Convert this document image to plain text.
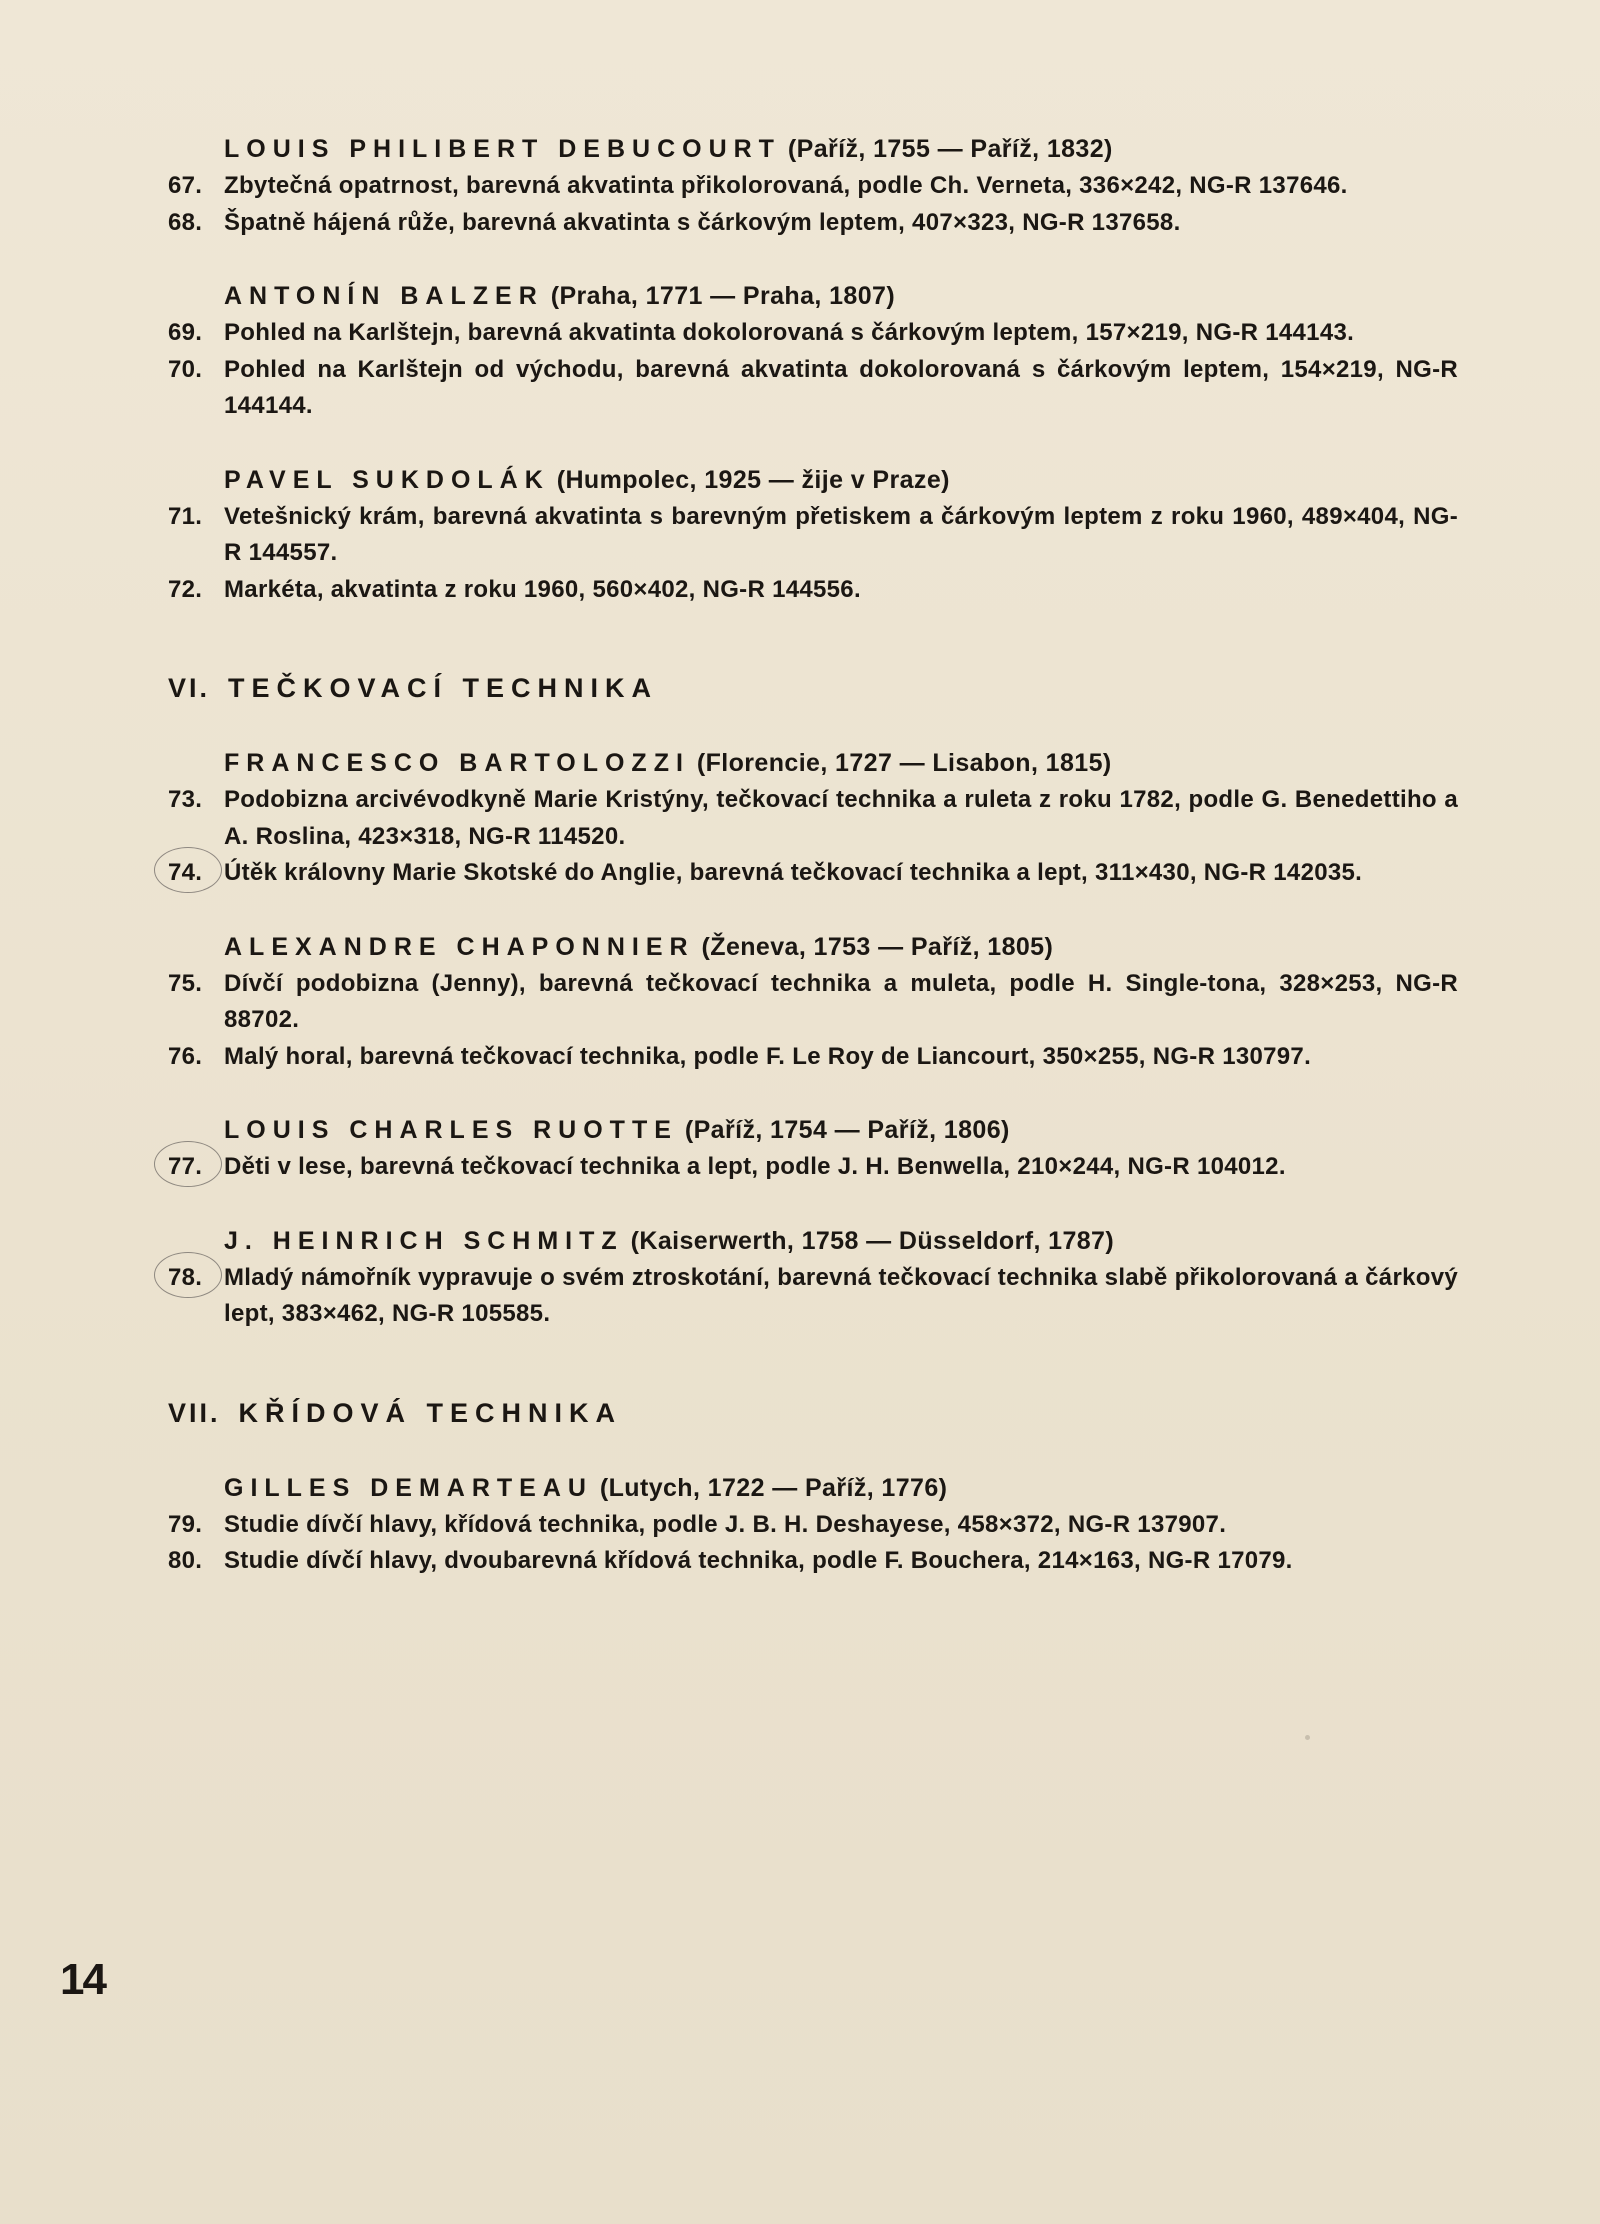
LOUIS PHILIBERT DEBUCOURT (Paříž, 1755 — Paříž, 1832)
67. Zbytečná opatrnost, barevná akvatinta přikolorovaná, podle Ch. Verneta, 336×242, NG-R 137646.
68. Špatně hájená růže, barevná akvatinta s čárkovým leptem, 407×323, NG-R 137658.
ANTONÍN BALZER (Praha, 1771 — Praha, 1807)
69. Pohled na Karlštejn, barevná akvatinta dokolorovaná s čárkovým leptem, 157×219, NG-R 144143.
70. Pohled na Karlštejn od východu, barevná akvatinta dokolorovaná s čárkovým leptem, 154×219, NG-R 144144.
PAVEL SUKDOLÁK (Humpolec, 1925 — žije v Praze)
71. Vetešnický krám, barevná akvatinta s barevným přetiskem a čárkovým leptem z roku 1960, 489×404, NG-R 144557.
72. Markéta, akvatinta z roku 1960, 560×402, NG-R 144556.
VI. TEČKOVACÍ TECHNIKA
FRANCESCO BARTOLOZZI (Florencie, 1727 — Lisabon, 1815)
73. Podobizna arcivévodkyně Marie Kristýny, tečkovací technika a ruleta z roku 1782, podle G. Benedettiho a A. Roslina, 423×318, NG-R 114520.
74. Útěk královny Marie Skotské do Anglie, barevná tečkovací technika a lept, 311×430, NG-R 142035.
ALEXANDRE CHAPONNIER (Ženeva, 1753 — Paříž, 1805)
75. Dívčí podobizna (Jenny), barevná tečkovací technika a muleta, podle H. Single-tona, 328×253, NG-R 88702.
76. Malý horal, barevná tečkovací technika, podle F. Le Roy de Liancourt, 350×255, NG-R 130797.
LOUIS CHARLES RUOTTE (Paříž, 1754 — Paříž, 1806)
77. Děti v lese, barevná tečkovací technika a lept, podle J. H. Benwella, 210×244, NG-R 104012.
J. HEINRICH SCHMITZ (Kaiserwerth, 1758 — Düsseldorf, 1787)
78. Mladý námořník vypravuje o svém ztroskotání, barevná tečkovací technika slabě přikolorovaná a čárkový lept, 383×462, NG-R 105585.
VII. KŘÍDOVÁ TECHNIKA
GILLES DEMARTEAU (Lutych, 1722 — Paříž, 1776)
79. Studie dívčí hlavy, křídová technika, podle J. B. H. Deshayese, 458×372, NG-R 137907.
80. Studie dívčí hlavy, dvoubarevná křídová technika, podle F. Bouchera, 214×163, NG-R 17079.
14
